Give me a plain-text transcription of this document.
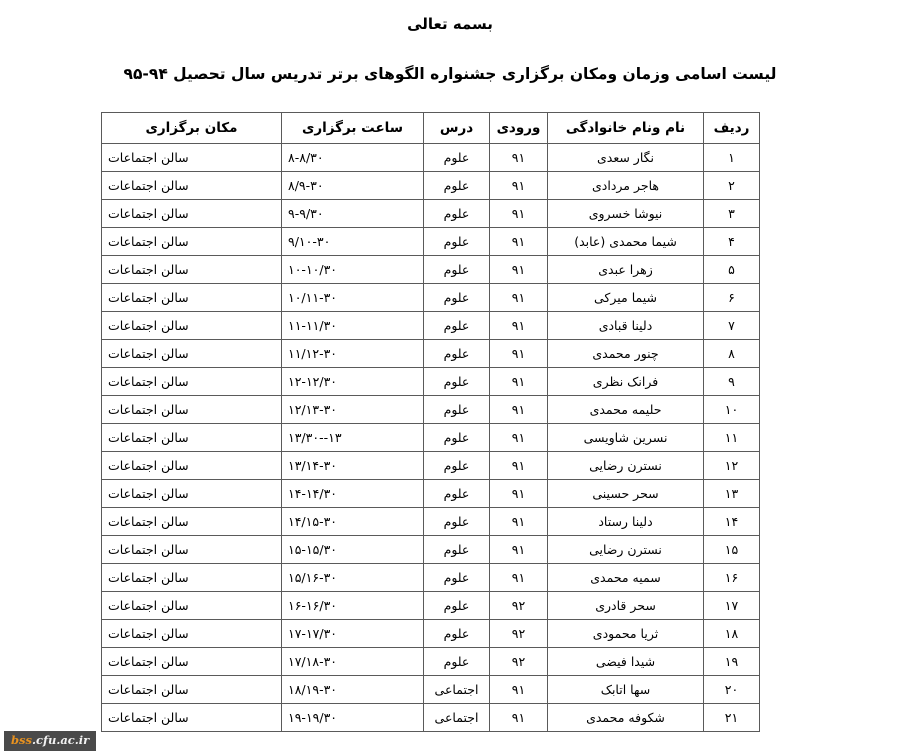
بسمه تعالی
لیست اسامی وزمان ومکان برگزاری جشنواره الگوهای برتر تدریس سال تحصیل ۹۴-۹۵
ردیف	نام ونام خانوادگی	ورودی	درس	ساعت برگزاری	مکان برگزاری
۱	نگار سعدی	۹۱	علوم	۸-۸/۳۰	سالن اجتماعات
۲	هاجر مردادی	۹۱	علوم	۸/۹-۳۰	سالن اجتماعات
۳	نیوشا خسروی	۹۱	علوم	۹-۹/۳۰	سالن اجتماعات
۴	شیما محمدی (عابد)	۹۱	علوم	۹/۱۰-۳۰	سالن اجتماعات
۵	زهرا عبدی	۹۱	علوم	۱۰-۱۰/۳۰	سالن اجتماعات
۶	شیما میرکی	۹۱	علوم	۱۰/۱۱-۳۰	سالن اجتماعات
۷	دلینا قبادی	۹۱	علوم	۱۱-۱۱/۳۰	سالن اجتماعات
۸	چنور محمدی	۹۱	علوم	۱۱/۱۲-۳۰	سالن اجتماعات
۹	فرانک نظری	۹۱	علوم	۱۲-۱۲/۳۰	سالن اجتماعات
۱۰	حلیمه محمدی	۹۱	علوم	۱۲/۱۳-۳۰	سالن اجتماعات
۱۱	نسرین شاویسی	۹۱	علوم	۱۳--۱۳/۳۰	سالن اجتماعات
۱۲	نسترن رضایی	۹۱	علوم	۱۳/۱۴-۳۰	سالن اجتماعات
۱۳	سحر حسینی	۹۱	علوم	۱۴-۱۴/۳۰	سالن اجتماعات
۱۴	دلینا رستاد	۹۱	علوم	۱۴/۱۵-۳۰	سالن اجتماعات
۱۵	نسترن رضایی	۹۱	علوم	۱۵-۱۵/۳۰	سالن اجتماعات
۱۶	سمیه محمدی	۹۱	علوم	۱۵/۱۶-۳۰	سالن اجتماعات
۱۷	سحر قادری	۹۲	علوم	۱۶-۱۶/۳۰	سالن اجتماعات
۱۸	ثریا محمودی	۹۲	علوم	۱۷-۱۷/۳۰	سالن اجتماعات
۱۹	شیدا فیضی	۹۲	علوم	۱۷/۱۸-۳۰	سالن اجتماعات
۲۰	سها اتابک	۹۱	اجتماعی	۱۸/۱۹-۳۰	سالن اجتماعات
۲۱	شکوفه محمدی	۹۱	اجتماعی	۱۹-۱۹/۳۰	سالن اجتماعات
bss.cfu.ac.ir
